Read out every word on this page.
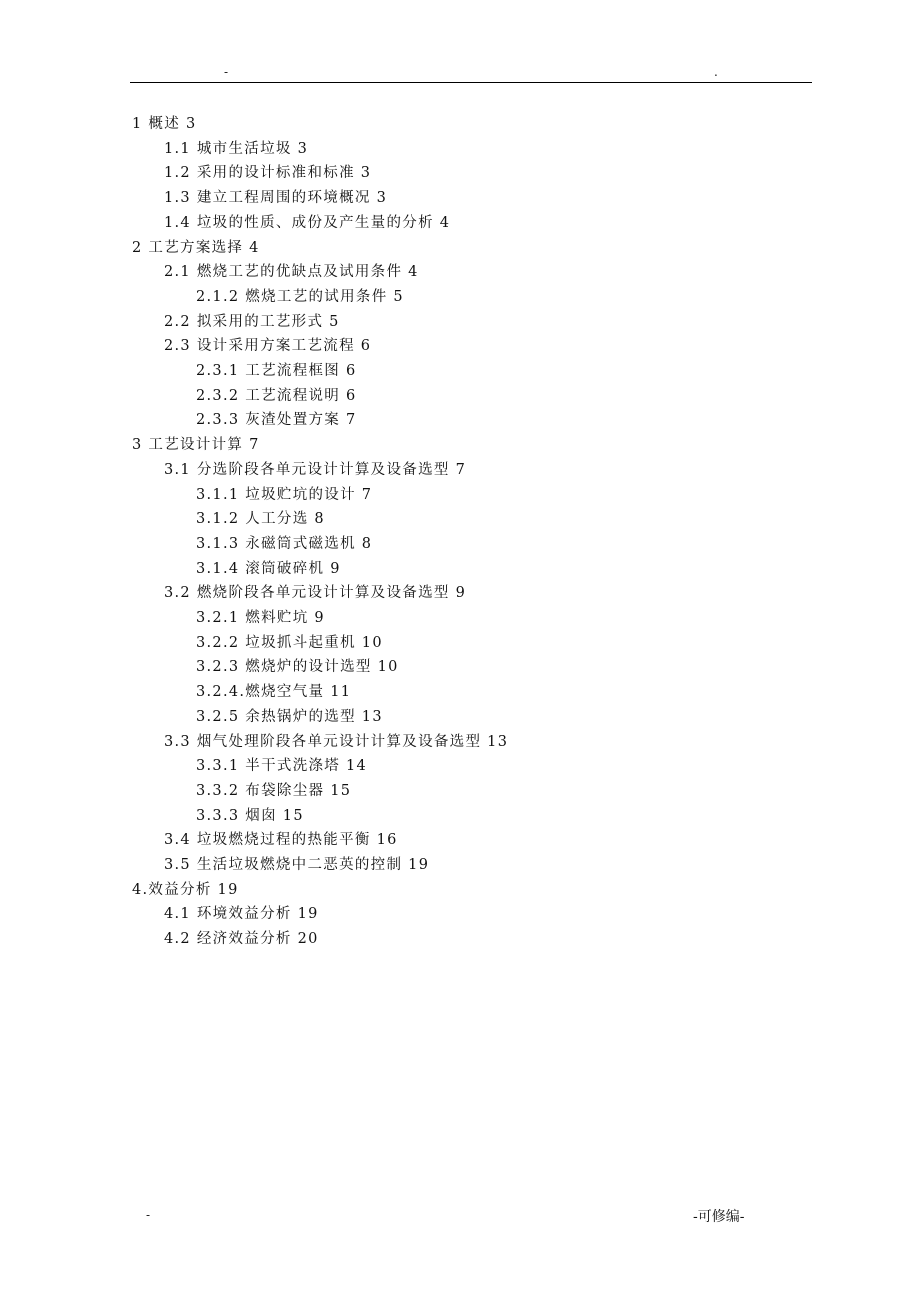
-	.
1 概述 3
1.1 城市生活垃圾 3
1.2 采用的设计标准和标准 3
1.3 建立工程周围的环境概况 3
1.4 垃圾的性质、成份及产生量的分析 4
2 工艺方案选择 4
2.1 燃烧工艺的优缺点及试用条件 4
2.1.2 燃烧工艺的试用条件 5
2.2 拟采用的工艺形式 5
2.3 设计采用方案工艺流程 6
2.3.1 工艺流程框图 6
2.3.2 工艺流程说明 6
2.3.3 灰渣处置方案 7
3 工艺设计计算 7
3.1 分选阶段各单元设计计算及设备选型 7
3.1.1 垃圾贮坑的设计 7
3.1.2 人工分选 8
3.1.3 永磁筒式磁选机 8
3.1.4 滚筒破碎机 9
3.2 燃烧阶段各单元设计计算及设备选型 9
3.2.1 燃料贮坑 9
3.2.2 垃圾抓斗起重机 10
3.2.3 燃烧炉的设计选型 10
3.2.4.燃烧空气量 11
3.2.5 余热锅炉的选型 13
3.3 烟气处理阶段各单元设计计算及设备选型 13
3.3.1 半干式洗涤塔 14
3.3.2 布袋除尘器 15
3.3.3 烟囱 15
3.4 垃圾燃烧过程的热能平衡 16
3.5 生活垃圾燃烧中二恶英的控制 19
4.效益分析 19
4.1 环境效益分析 19
4.2 经济效益分析 20
-	-可修编-
